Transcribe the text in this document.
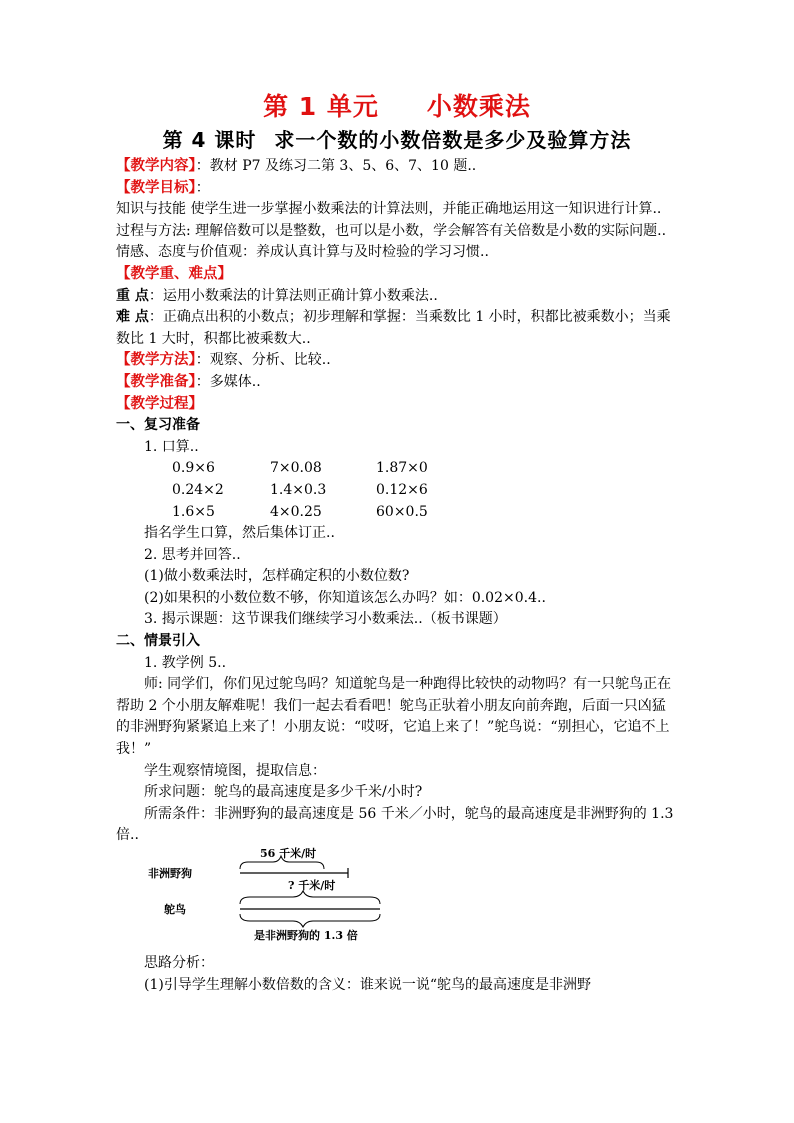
第 1 单元 小数乘法

第 4 课时 求一个数的小数倍数是多少及验算方法

【教学内容】：教材 P7 及练习二第 3、5、6、7、10 题..

【教学目标】：

知识与技能 使学生进一步掌握小数乘法的计算法则，并能正确地运用这一知识进行计算..

过程与方法: 理解倍数可以是整数，也可以是小数，学会解答有关倍数是小数的实际问题..

情感、态度与价值观：养成认真计算与及时检验的学习习惯..

【教学重、难点】

重 点：运用小数乘法的计算法则正确计算小数乘法..

难 点：正确点出积的小数点；初步理解和掌握：当乘数比 1 小时，积都比被乘数小；当乘数比 1 大时，积都比被乘数大..

【教学方法】：观察、分析、比较..

【教学准备】：多媒体..

【教学过程】

一、复习准备

1. 口算..

0.9×6	7×0.08	1.87×0
0.24×2	1.4×0.3	0.12×6
1.6×5	4×0.25	60×0.5

指名学生口算，然后集体订正..

2. 思考并回答..

(1)做小数乘法时，怎样确定积的小数位数?

(2)如果积的小数位数不够，你知道该怎么办吗？如：0.02×0.4..

3. 揭示课题：这节课我们继续学习小数乘法..（板书课题）

二、情景引入

1. 教学例 5..

师: 同学们，你们见过鸵鸟吗？知道鸵鸟是一种跑得比较快的动物吗？有一只鸵鸟正在帮助 2 个小朋友解难呢！我们一起去看看吧！鸵鸟正驮着小朋友向前奔跑，后面一只凶猛的非洲野狗紧紧追上来了！小朋友说：“哎呀，它追上来了！”鸵鸟说：“别担心，它追不上我！”

学生观察情境图，提取信息：

所求问题：鸵鸟的最高速度是多少千米/小时?

所需条件：非洲野狗的最高速度是 56 千米／小时，鸵鸟的最高速度是非洲野狗的 1.3 倍..

56 千米/时
非洲野狗
? 千米/时
鸵鸟
是非洲野狗的 1.3 倍

思路分析：

(1)引导学生理解小数倍数的含义：谁来说一说“鸵鸟的最高速度是非洲野
